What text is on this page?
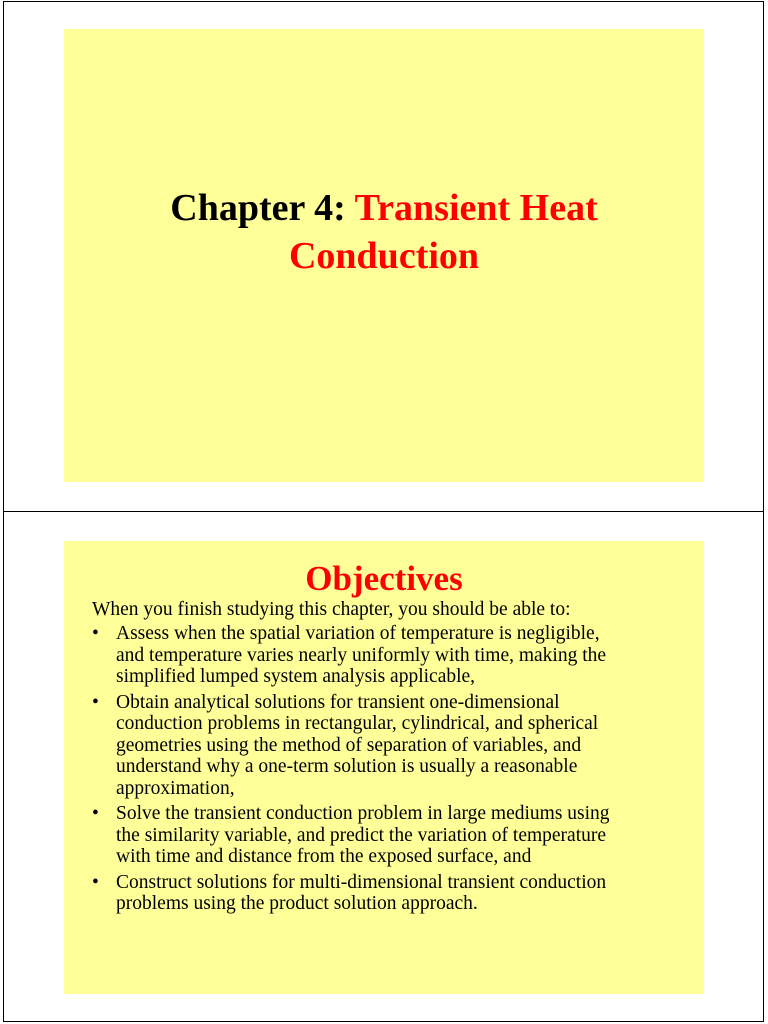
Chapter 4: Transient Heat
Conduction
Objectives
When you finish studying this chapter, you should be able to:
• Assess when the spatial variation of temperature is negligible,
and temperature varies nearly uniformly with time, making the
simplified lumped system analysis applicable,
• Obtain analytical solutions for transient one-dimensional
conduction problems in rectangular, cylindrical, and spherical
geometries using the method of separation of variables, and
understand why a one-term solution is usually a reasonable
approximation,
• Solve the transient conduction problem in large mediums using
the similarity variable, and predict the variation of temperature
with time and distance from the exposed surface, and
• Construct solutions for multi-dimensional transient conduction
problems using the product solution approach.
